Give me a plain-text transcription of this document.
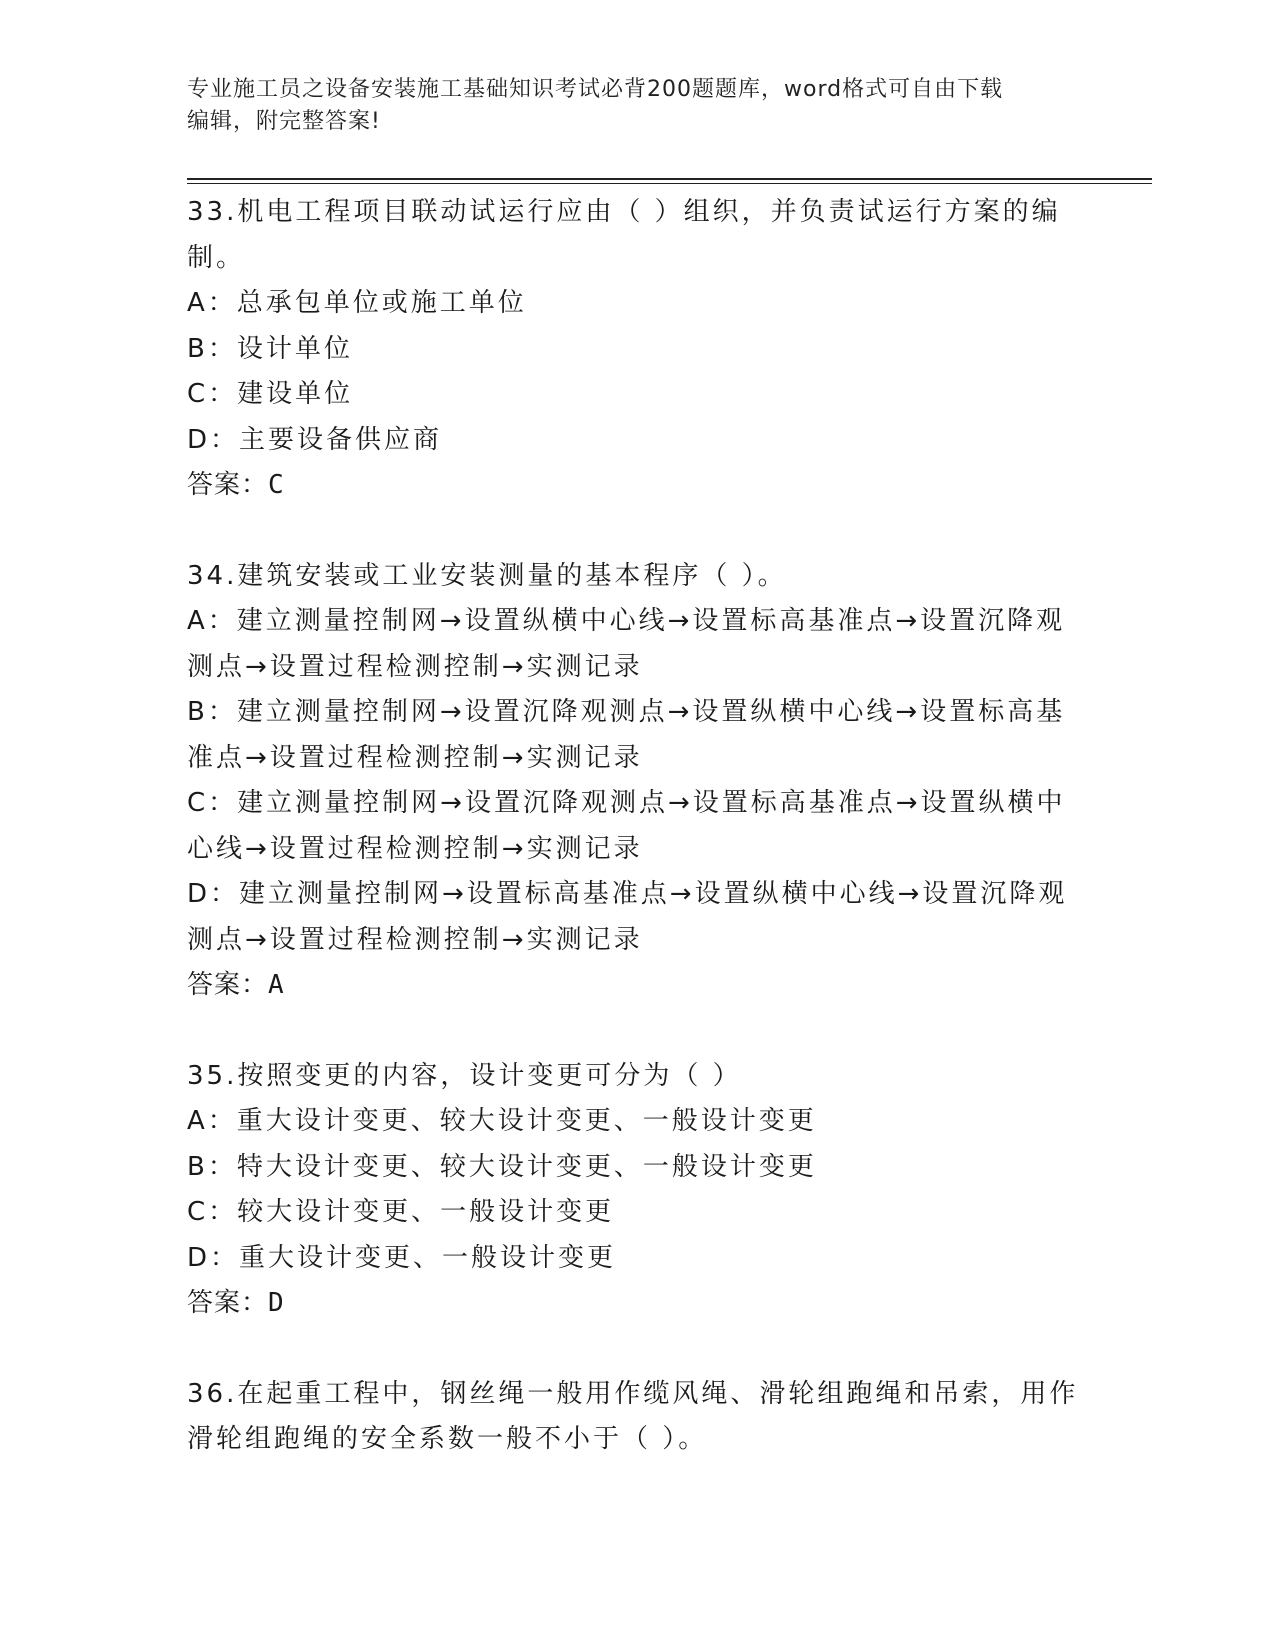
专业施工员之设备安装施工基础知识考试必背200题题库，word格式可自由下载
编辑，附完整答案!

33.机电工程项目联动试运行应由（ ）组织，并负责试运行方案的编

制。

A：总承包单位或施工单位

B：设计单位

C：建设单位

D：主要设备供应商

答案：C

34.建筑安装或工业安装测量的基本程序（ ）。

A：建立测量控制网→设置纵横中心线→设置标高基准点→设置沉降观

测点→设置过程检测控制→实测记录

B：建立测量控制网→设置沉降观测点→设置纵横中心线→设置标高基

准点→设置过程检测控制→实测记录

C：建立测量控制网→设置沉降观测点→设置标高基准点→设置纵横中

心线→设置过程检测控制→实测记录

D：建立测量控制网→设置标高基准点→设置纵横中心线→设置沉降观

测点→设置过程检测控制→实测记录

答案：A

35.按照变更的内容，设计变更可分为（ ）

A：重大设计变更、较大设计变更、一般设计变更

B：特大设计变更、较大设计变更、一般设计变更

C：较大设计变更、一般设计变更

D：重大设计变更、一般设计变更

答案：D

36.在起重工程中，钢丝绳一般用作缆风绳、滑轮组跑绳和吊索，用作

滑轮组跑绳的安全系数一般不小于（ ）。
